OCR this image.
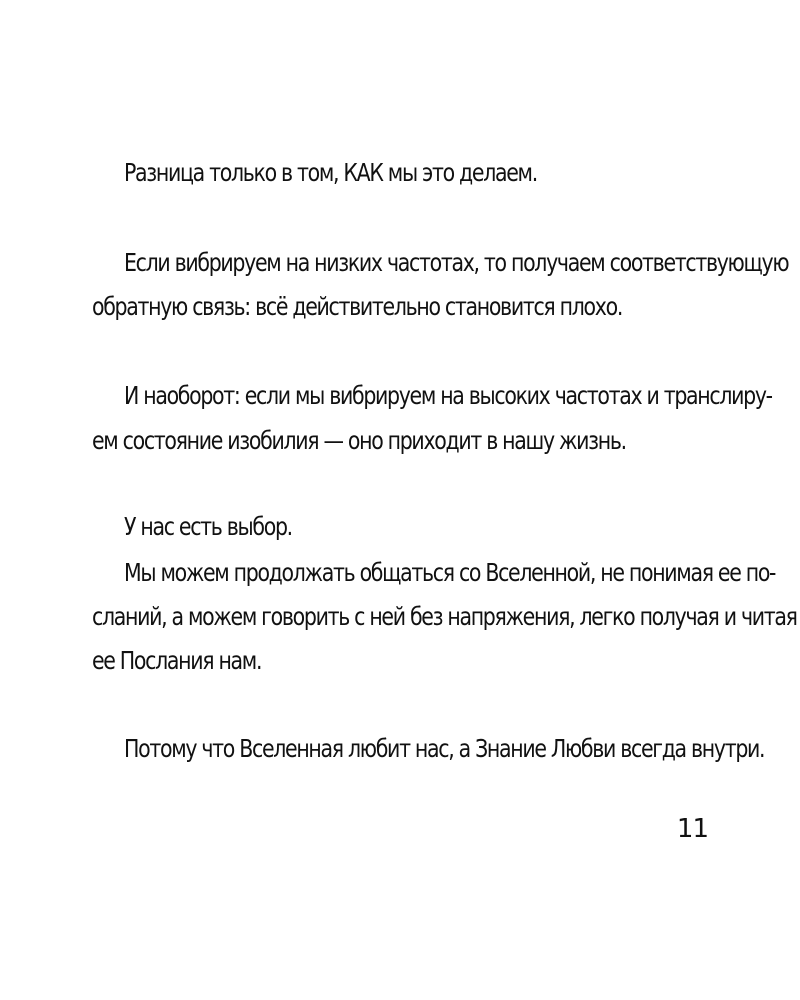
Разница только в том, КАК мы это делаем.
Если вибрируем на низких частотах, то получаем соответствующую
обратную связь: всё действительно становится плохо.
И наоборот: если мы вибрируем на высоких частотах и транслиру-
ем состояние изобилия — оно приходит в нашу жизнь.
У нас есть выбор.
Мы можем продолжать общаться со Вселенной, не понимая ее по-
сланий, а можем говорить с ней без напряжения, легко получая и читая
ее Послания нам.
Потому что Вселенная любит нас, а Знание Любви всегда внутри.
11
